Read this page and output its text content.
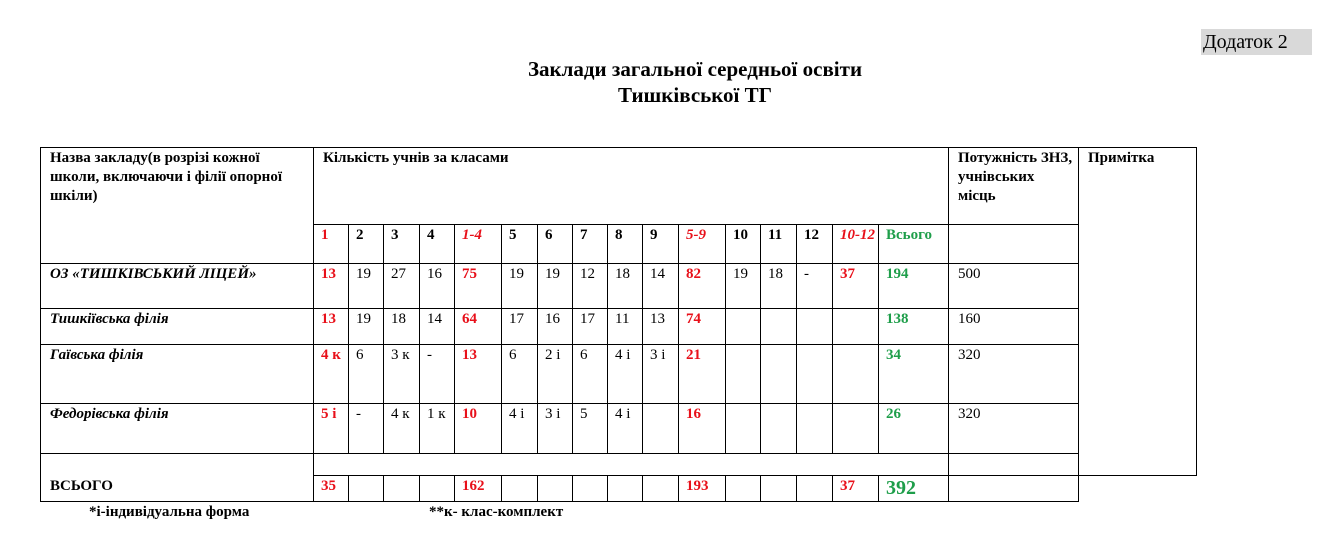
Додаток 2
Заклади загальної середньої освіти
Тишківської ТГ
Назва закладу(в розрізі кожної школи, включаючи і філії опорної шкіли)	Кількість учнів за класами																Потужність ЗНЗ, учнівських місць	Примітка
	1	2	3	4	1-4	5	6	7	8	9	5-9	10	11	12	10-12	Всього		
ОЗ «ТИШКІВСЬКИЙ ЛІЦЕЙ»	13	19	27	16	75	19	19	12	18	14	82	19	18	-	37	194	500	
Тишкіївська філія	13	19	18	14	64	17	16	17	11	13	74					138	160	
Гаївська філія	4 к	6	3 к	-	13	6	2 і	6	4 і	3 і	21					34	320	
Федорівська філія	5 і	-	4 к	1 к	10	4 і	3 і	5	4 і		16					26	320	

ВСЬОГО	35				162						193				37	392		
*і-індивідуальна форма	**к- клас-комплект
